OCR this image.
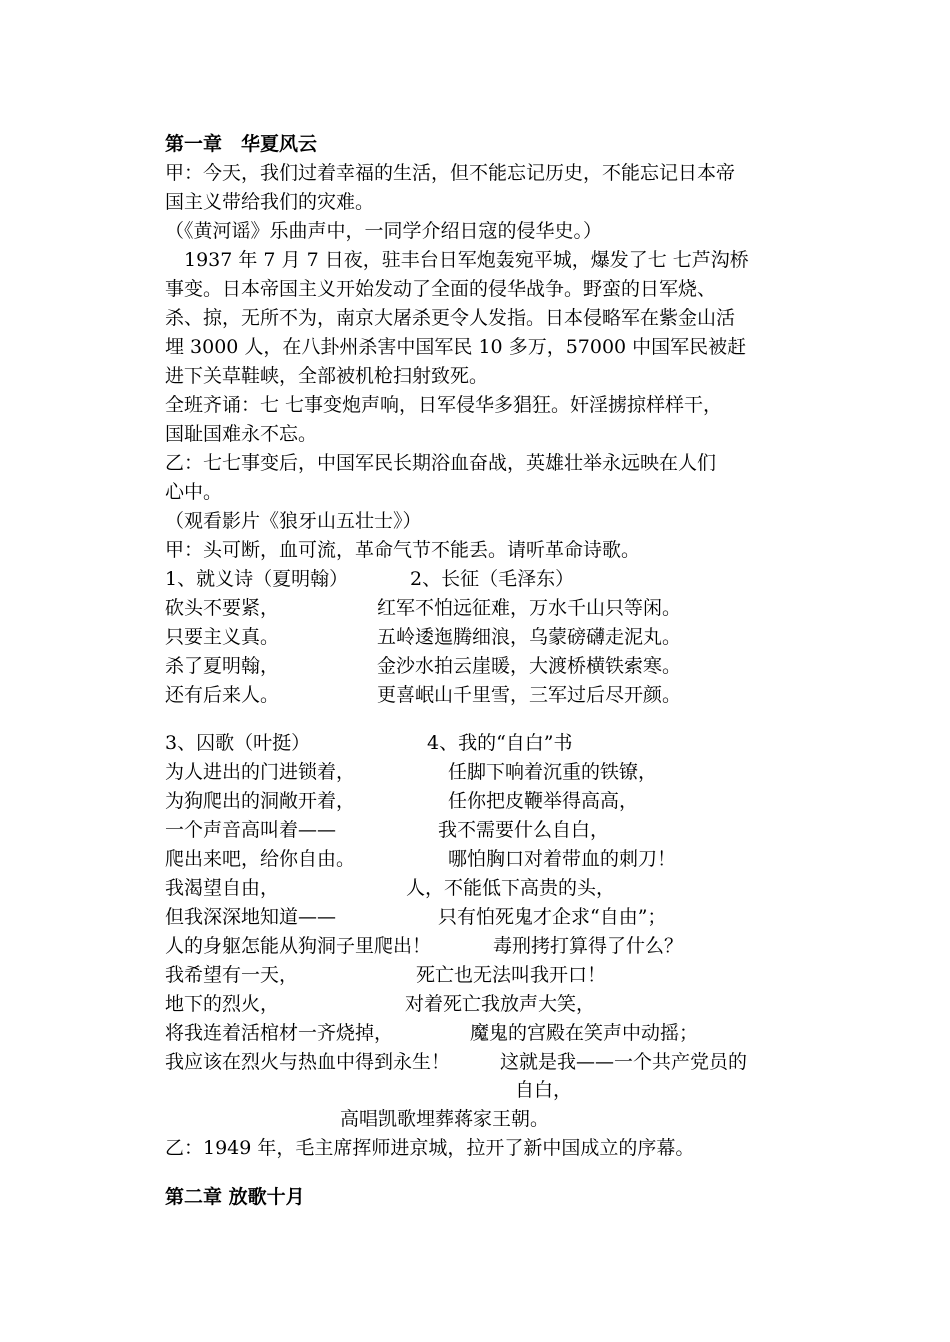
第一章　华夏风云
甲：今天，我们过着幸福的生活，但不能忘记历史，不能忘记日本帝
国主义带给我们的灾难。
（《黄河谣》乐曲声中，一同学介绍日寇的侵华史。）
　1937 年 7 月 7 日夜，驻丰台日军炮轰宛平城，爆发了七 七芦沟桥
事变。日本帝国主义开始发动了全面的侵华战争。野蛮的日军烧、
杀、掠，无所不为，南京大屠杀更令人发指。日本侵略军在紫金山活
埋 3000 人，在八卦州杀害中国军民 10 多万，57000 中国军民被赶
进下关草鞋峡，全部被机枪扫射致死。
全班齐诵：七 七事变炮声响，日军侵华多猖狂。奸淫掳掠样样干，
国耻国难永不忘。
乙：七七事变后，中国军民长期浴血奋战，英雄壮举永远映在人们
心中。
（观看影片《狼牙山五壮士》）
甲：头可断，血可流，革命气节不能丢。请听革命诗歌。
1、就义诗（夏明翰）	2、长征（毛泽东）
砍头不要紧，	红军不怕远征难，万水千山只等闲。
只要主义真。	五岭逶迤腾细浪，乌蒙磅礴走泥丸。
杀了夏明翰，	金沙水拍云崖暖，大渡桥横铁索寒。
还有后来人。	更喜岷山千里雪，三军过后尽开颜。
3、囚歌（叶挺）	4、我的“自白”书
为人进出的门进锁着，	任脚下响着沉重的铁镣，
为狗爬出的洞敞开着，	任你把皮鞭举得高高，
一个声音高叫着——	我不需要什么自白，
爬出来吧，给你自由。	哪怕胸口对着带血的刺刀！
我渴望自由，	人，不能低下高贵的头，
但我深深地知道——	只有怕死鬼才企求“自由”；
人的身躯怎能从狗洞子里爬出！	毒刑拷打算得了什么？
我希望有一天，	死亡也无法叫我开口！
地下的烈火，	对着死亡我放声大笑，
将我连着活棺材一齐烧掉，	魔鬼的宫殿在笑声中动摇；
我应该在烈火与热血中得到永生！	这就是我——一个共产党员的
自白，
高唱凯歌埋葬蒋家王朝。
乙：1949 年，毛主席挥师进京城，拉开了新中国成立的序幕。
第二章 放歌十月
